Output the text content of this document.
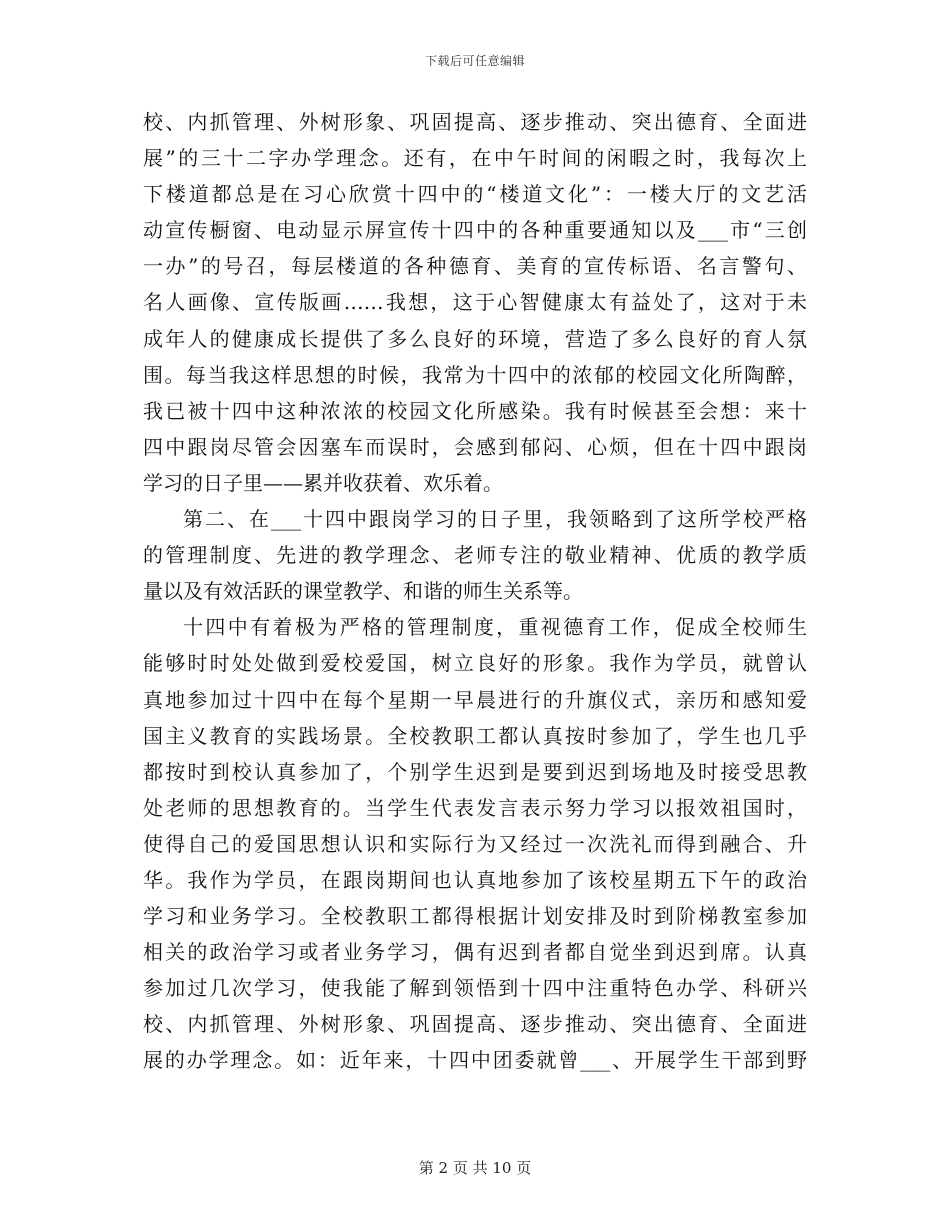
下载后可任意编辑
校、内抓管理、外树形象、巩固提高、逐步推动、突出德育、全面进
展”的三十二字办学理念。还有，在中午时间的闲暇之时，我每次上
下楼道都总是在习心欣赏十四中的“楼道文化”：一楼大厅的文艺活
动宣传橱窗、电动显示屏宣传十四中的各种重要通知以及___市“三创
一办”的号召，每层楼道的各种德育、美育的宣传标语、名言警句、
名人画像、宣传版画……我想，这于心智健康太有益处了，这对于未
成年人的健康成长提供了多么良好的环境，营造了多么良好的育人氛
围。每当我这样思想的时候，我常为十四中的浓郁的校园文化所陶醉，
我已被十四中这种浓浓的校园文化所感染。我有时候甚至会想：来十
四中跟岗尽管会因塞车而误时，会感到郁闷、心烦，但在十四中跟岗
学习的日子里——累并收获着、欢乐着。
第二、在___十四中跟岗学习的日子里，我领略到了这所学校严格
的管理制度、先进的教学理念、老师专注的敬业精神、优质的教学质
量以及有效活跃的课堂教学、和谐的师生关系等。
十四中有着极为严格的管理制度，重视德育工作，促成全校师生
能够时时处处做到爱校爱国，树立良好的形象。我作为学员，就曾认
真地参加过十四中在每个星期一早晨进行的升旗仪式，亲历和感知爱
国主义教育的实践场景。全校教职工都认真按时参加了，学生也几乎
都按时到校认真参加了，个别学生迟到是要到迟到场地及时接受思教
处老师的思想教育的。当学生代表发言表示努力学习以报效祖国时，
使得自己的爱国思想认识和实际行为又经过一次洗礼而得到融合、升
华。我作为学员，在跟岗期间也认真地参加了该校星期五下午的政治
学习和业务学习。全校教职工都得根据计划安排及时到阶梯教室参加
相关的政治学习或者业务学习，偶有迟到者都自觉坐到迟到席。认真
参加过几次学习，使我能了解到领悟到十四中注重特色办学、科研兴
校、内抓管理、外树形象、巩固提高、逐步推动、突出德育、全面进
展的办学理念。如：近年来，十四中团委就曾___、开展学生干部到野
第 2 页 共 10 页
